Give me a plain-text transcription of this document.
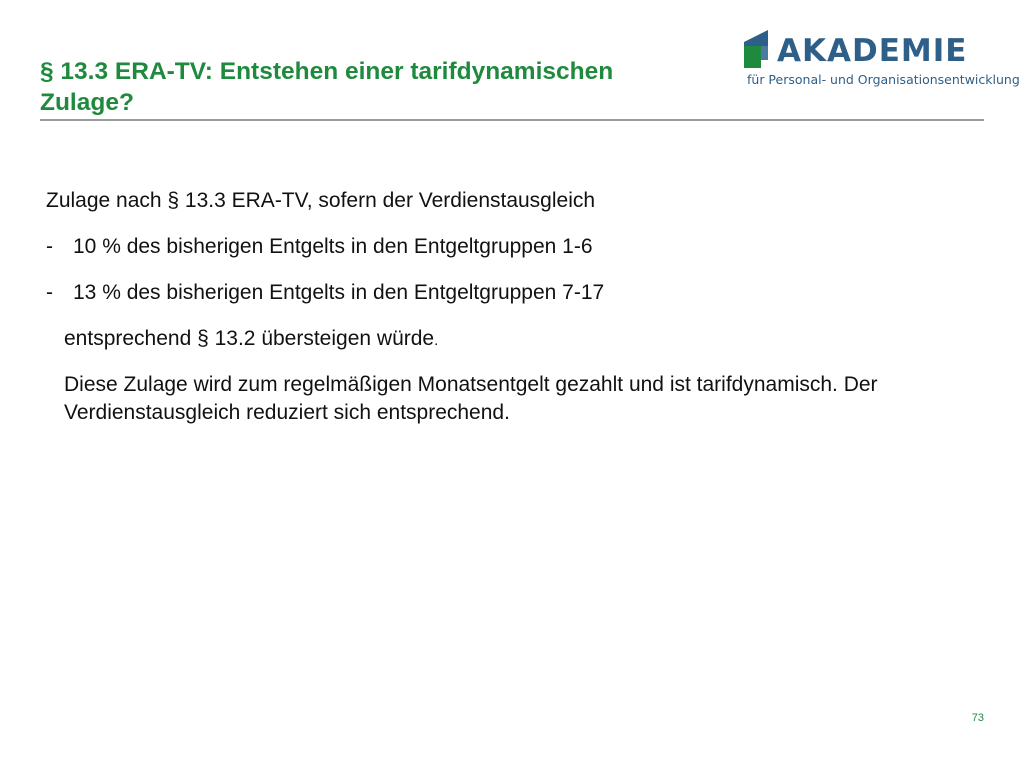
§ 13.3 ERA-TV: Entstehen einer tarifdynamischen
Zulage?
AKADEMIE
für Personal- und Organisationsentwicklung

Zulage nach § 13.3 ERA-TV, sofern der Verdienstausgleich

- 10 % des bisherigen Entgelts in den Entgeltgruppen 1-6

- 13 % des bisherigen Entgelts in den Entgeltgruppen 7-17

entsprechend § 13.2 übersteigen würde.

Diese Zulage wird zum regelmäßigen Monatsentgelt gezahlt und ist tarifdynamisch. Der Verdienstausgleich reduziert sich entsprechend.

73
